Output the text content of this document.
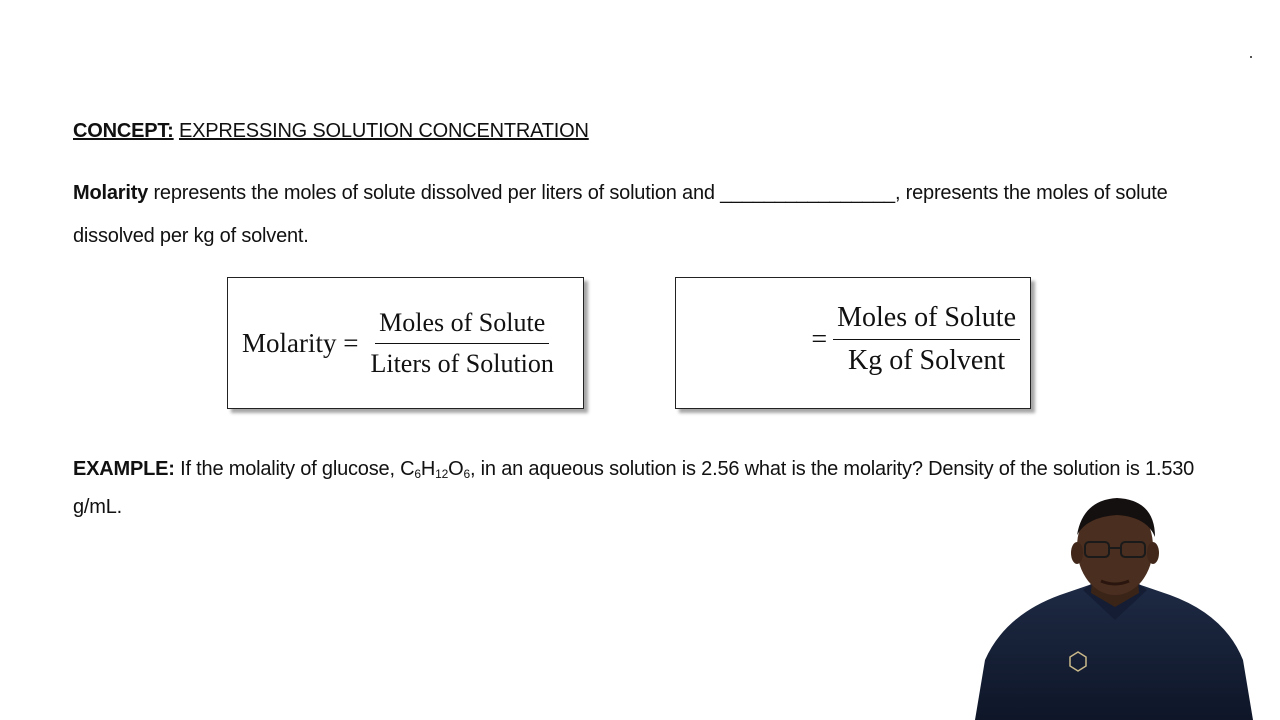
CONCEPT: EXPRESSING SOLUTION CONCENTRATION
Molarity represents the moles of solute dissolved per liters of solution and ________________, represents the moles of solute dissolved per kg of solvent.
Molarity = $\frac{\text{Moles of Solute}}{\text{Liters of Solution}}$	= $\frac{\text{Moles of Solute}}{\text{Kg of Solvent}}$
EXAMPLE: If the molality of glucose, $C_6H_{12}O_6$, in an aqueous solution is 2.56 what is the molarity? Density of the solution is 1.530 g/mL.
